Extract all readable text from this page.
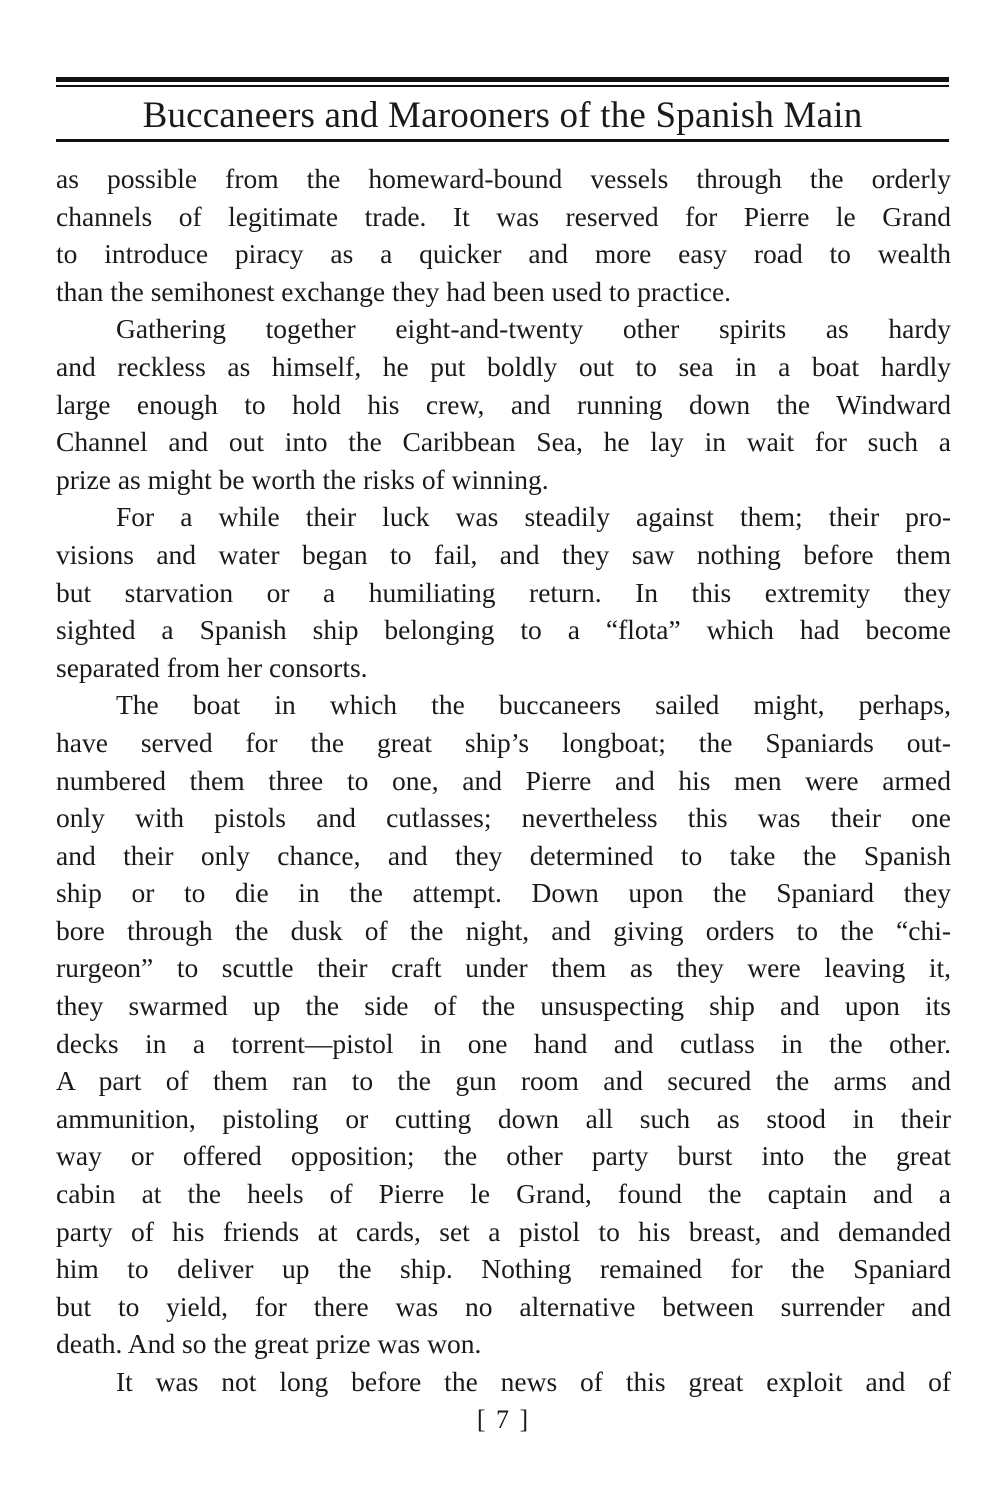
Buccaneers and Marooners of the Spanish Main
as possible from the homeward-bound vessels through the orderly
channels of legitimate trade. It was reserved for Pierre le Grand
to introduce piracy as a quicker and more easy road to wealth
than the semihonest exchange they had been used to practice.
Gathering together eight-and-twenty other spirits as hardy
and reckless as himself, he put boldly out to sea in a boat hardly
large enough to hold his crew, and running down the Windward
Channel and out into the Caribbean Sea, he lay in wait for such a
prize as might be worth the risks of winning.
For a while their luck was steadily against them; their pro-
visions and water began to fail, and they saw nothing before them
but starvation or a humiliating return. In this extremity they
sighted a Spanish ship belonging to a “flota” which had become
separated from her consorts.
The boat in which the buccaneers sailed might, perhaps,
have served for the great ship’s longboat; the Spaniards out-
numbered them three to one, and Pierre and his men were armed
only with pistols and cutlasses; nevertheless this was their one
and their only chance, and they determined to take the Spanish
ship or to die in the attempt. Down upon the Spaniard they
bore through the dusk of the night, and giving orders to the “chi-
rurgeon” to scuttle their craft under them as they were leaving it,
they swarmed up the side of the unsuspecting ship and upon its
decks in a torrent—pistol in one hand and cutlass in the other.
A part of them ran to the gun room and secured the arms and
ammunition, pistoling or cutting down all such as stood in their
way or offered opposition; the other party burst into the great
cabin at the heels of Pierre le Grand, found the captain and a
party of his friends at cards, set a pistol to his breast, and demanded
him to deliver up the ship. Nothing remained for the Spaniard
but to yield, for there was no alternative between surrender and
death. And so the great prize was won.
It was not long before the news of this great exploit and of
[ 7 ]
